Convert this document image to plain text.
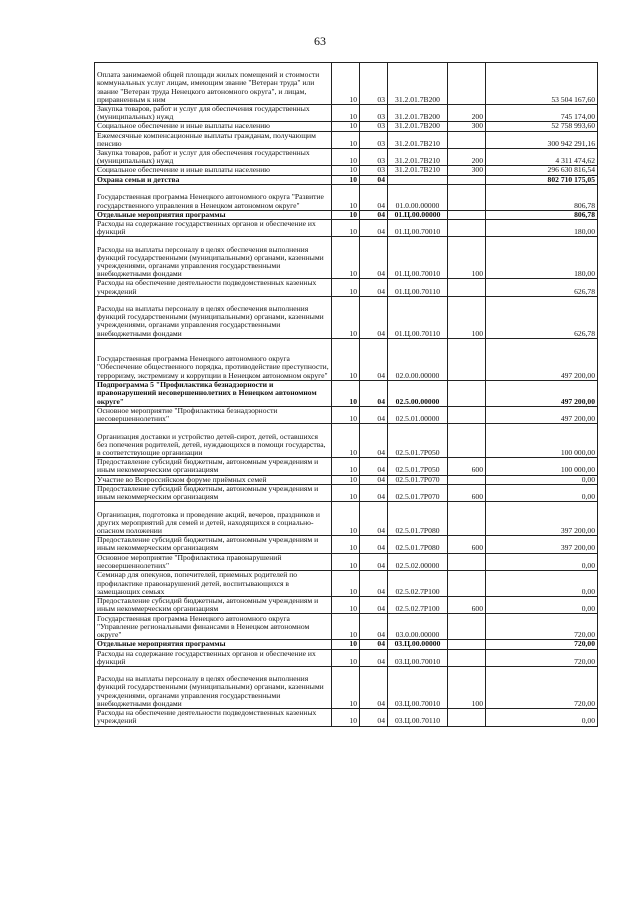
63
Оплата занимаемой общей площади жилых помещений и стоимости коммунальных услуг лицам, имеющим звание "Ветеран труда" или звание "Ветеран труда Ненецкого автономного округа", и лицам, приравненным к ним	10	03	31.2.01.7В200		53 504 167,60
Закупка товаров, работ и услуг для обеспечения государственных (муниципальных) нужд	10	03	31.2.01.7В200	200	745 174,00
Социальное обеспечение и иные выплаты населению	10	03	31.2.01.7В200	300	52 758 993,60
Ежемесячные компенсационные выплаты гражданам, получающим пенсию	10	03	31.2.01.7В210		300 942 291,16
Закупка товаров, работ и услуг для обеспечения государственных (муниципальных) нужд	10	03	31.2.01.7В210	200	4 311 474,62
Социальное обеспечение и иные выплаты населению	10	03	31.2.01.7В210	300	296 630 816,54
Охрана семьи и детства	10	04			802 710 175,05
Государственная программа Ненецкого автономного округа "Развитие государственного управления в Ненецком автономном округе"	10	04	01.0.00.00000		806,78
Отдельные мероприятия программы	10	04	01.Ц.00.00000		806,78
Расходы на содержание государственных органов и обеспечение их функций	10	04	01.Ц.00.70010		180,00
Расходы на выплаты персоналу в целях обеспечения выполнения функций государственными (муниципальными) органами, казенными учреждениями, органами управления государственными внебюджетными фондами	10	04	01.Ц.00.70010	100	180,00
Расходы на обеспечение деятельности подведомственных казенных учреждений	10	04	01.Ц.00.70110		626,78
Расходы на выплаты персоналу в целях обеспечения выполнения функций государственными (муниципальными) органами, казенными учреждениями, органами управления государственными внебюджетными фондами	10	04	01.Ц.00.70110	100	626,78
Государственная программа Ненецкого автономного округа "Обеспечение общественного порядка, противодействие преступности, терроризму, экстремизму и коррупции в Ненецком автономном округе"	10	04	02.0.00.00000		497 200,00
Подпрограмма 5 "Профилактика безнадзорности и правонарушений несовершеннолетних в Ненецком автономном округе"	10	04	02.5.00.00000		497 200,00
Основное мероприятие "Профилактика безнадзорности несовершеннолетних"	10	04	02.5.01.00000		497 200,00
Организация доставки и устройство детей-сирот, детей, оставшихся без попечения родителей, детей, нуждающихся в помощи государства, в соответствующие организации	10	04	02.5.01.7Р050		100 000,00
Предоставление субсидий бюджетным, автономным учреждениям и иным некоммерческим организациям	10	04	02.5.01.7Р050	600	100 000,00
Участие во Всероссийском форуме приёмных семей	10	04	02.5.01.7Р070		0,00
Предоставление субсидий бюджетным, автономным учреждениям и иным некоммерческим организациям	10	04	02.5.01.7Р070	600	0,00
Организация, подготовка и проведение акций, вечеров, праздников и других мероприятий для семей и детей, находящихся в социально-опасном положении	10	04	02.5.01.7Р080		397 200,00
Предоставление субсидий бюджетным, автономным учреждениям и иным некоммерческим организациям	10	04	02.5.01.7Р080	600	397 200,00
Основное мероприятие "Профилактика правонарушений несовершеннолетних"	10	04	02.5.02.00000		0,00
Семинар для опекунов, попечителей, приемных родителей по профилактике правонарушений детей, воспитывающихся в замещающих семьях	10	04	02.5.02.7Р100		0,00
Предоставление субсидий бюджетным, автономным учреждениям и иным некоммерческим организациям	10	04	02.5.02.7Р100	600	0,00
Государственная программа Ненецкого автономного округа "Управление региональными финансами в Ненецком автономном округе"	10	04	03.0.00.00000		720,00
Отдельные мероприятия программы	10	04	03.Ц.00.00000		720,00
Расходы на содержание государственных органов и обеспечение их функций	10	04	03.Ц.00.70010		720,00
Расходы на выплаты персоналу в целях обеспечения выполнения функций государственными (муниципальными) органами, казенными учреждениями, органами управления государственными внебюджетными фондами	10	04	03.Ц.00.70010	100	720,00
Расходы на обеспечение деятельности подведомственных казенных учреждений	10	04	03.Ц.00.70110		0,00
